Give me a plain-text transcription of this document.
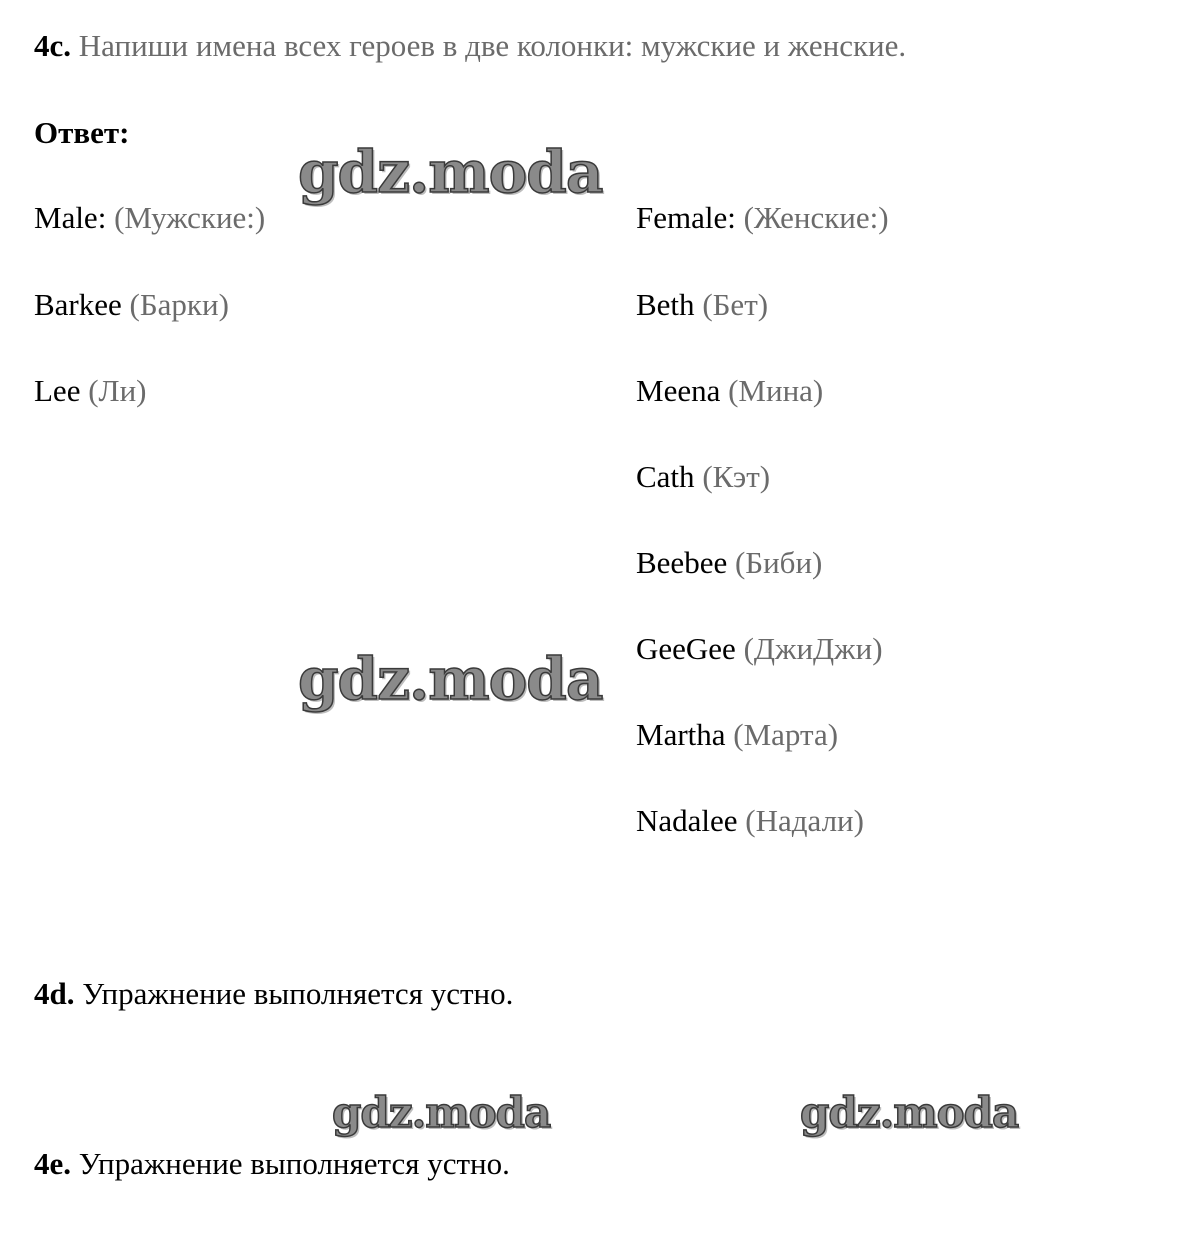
4c. Напиши имена всех героев в две колонки: мужские и женские.
Ответ:
Male: (Мужские:)
Barkee (Барки)
Lee (Ли)
Female: (Женские:)
Beth (Бет)
Meena (Мина)
Cath (Кэт)
Beebee (Биби)
GeeGee (ДжиДжи)
Martha (Марта)
Nadalee (Надали)
4d. Упражнение выполняется устно.
4e. Упражнение выполняется устно.
gdz.moda
gdz.moda
gdz.moda	gdz.moda
